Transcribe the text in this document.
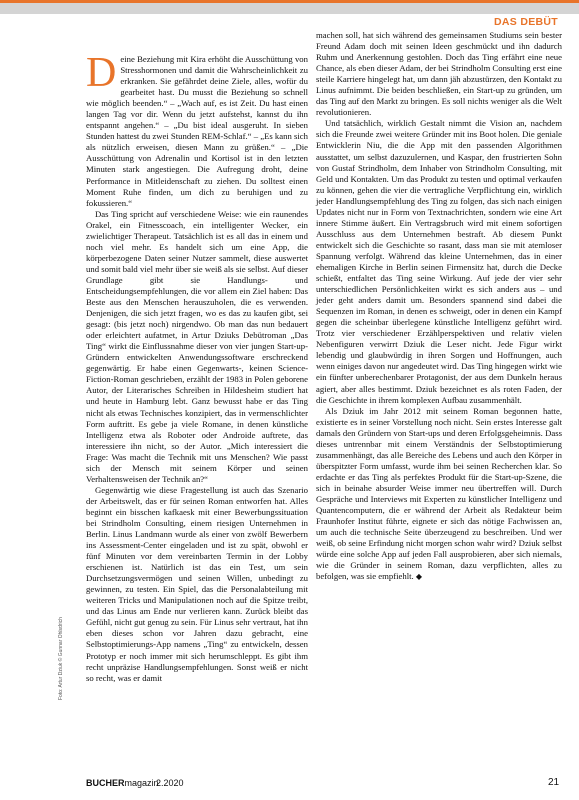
DAS DEBÜT

Deine Beziehung mit Kira erhöht die Ausschüttung von Stresshormonen und damit die Wahrscheinlichkeit zu erkranken. Sie gefährdet deine Ziele, alles, wofür du gearbeitet hast. Du musst die Beziehung so schnell wie möglich beenden.“ – „Wach auf, es ist Zeit. Du hast einen langen Tag vor dir. Wenn du jetzt aufstehst, kannst du ihn entspannt angehen.“ – „Du bist ideal ausgeruht. In sieben Stunden hattest du zwei Stunden REM-Schlaf.“ – „Es kann sich als nützlich erweisen, diesen Mann zu grüßen.“ – „Die Ausschüttung von Adrenalin und Kortisol ist in den letzten Minuten stark angestiegen. Die Aufregung droht, deine Performance in Mitleidenschaft zu ziehen. Du solltest einen Moment Ruhe finden, um dich zu beruhigen und zu fokussieren.“

Das Ting spricht auf verschiedene Weise: wie ein raunendes Orakel, ein Fitnesscoach, ein intelligenter Wecker, ein zwielichtiger Therapeut. Tatsächlich ist es all das in einem und noch viel mehr. Es handelt sich um eine App, die körperbezogene Daten seiner Nutzer sammelt, diese auswertet und somit bald viel mehr über sie weiß als sie selbst. Auf dieser Grundlage gibt sie Handlungs- und Entscheidungsempfehlungen, die vor allem ein Ziel haben: Das Beste aus den Menschen herauszuholen, die es verwenden. Denjenigen, die sich jetzt fragen, wo es das zu kaufen gibt, sei gesagt: (bis jetzt noch) nirgendwo. Ob man das nun bedauert oder erleichtert aufatmet, in Artur Dziuks Debütroman „Das Ting“ wirkt die Einflussnahme dieser von vier jungen Start-up-Gründern entwickelten Anwendungssoftware erschreckend gegenwärtig. Er habe einen Gegenwarts-, keinen Science-Fiction-Roman geschrieben, erzählt der 1983 in Polen geborene Autor, der Literarisches Schreiben in Hildesheim studiert hat und heute in Hamburg lebt. Ganz bewusst habe er das Ting nicht als etwas Technisches konzipiert, das in vermenschlichter Form auftritt. Es gebe ja viele Romane, in denen künstliche Intelligenz etwa als Roboter oder Androide auftrete, das interessiere ihn nicht, so der Autor. „Mich interessiert die Frage: Was macht die Technik mit uns Menschen? Wie passt sich der Mensch mit seinem Körper und seinen Verhaltensweisen der Technik an?“

Gegenwärtig wie diese Fragestellung ist auch das Szenario der Arbeitswelt, das er für seinen Roman entworfen hat. Alles beginnt ein bisschen kafkaesk mit einer Bewerbungssituation bei Strindholm Consulting, einem riesigen Unternehmen in Berlin. Linus Landmann wurde als einer von zwölf Bewerbern ins Assessment-Center eingeladen und ist zu spät, obwohl er fünf Minuten vor dem vereinbarten Termin in der Lobby erschienen ist. Natürlich ist das ein Test, um sein Durchsetzungsvermögen und seinen Willen, unbedingt zu gewinnen, zu testen. Ein Spiel, das die Personalabteilung mit weiteren Tricks und Manipulationen noch auf die Spitze treibt, und das Linus am Ende nur verlieren kann. Zurück bleibt das Gefühl, nicht gut genug zu sein. Für Linus sehr vertraut, hat ihn eben dieses schon vor Jahren dazu gebracht, eine Selbstoptimierungs-App namens „Ting“ zu entwickeln, dessen Prototyp er noch immer mit sich herumschleppt. Es gibt ihm recht unpräzise Handlungsempfehlungen. Sonst weiß er nicht so recht, was er damit

machen soll, hat sich während des gemeinsamen Studiums sein bester Freund Adam doch mit seinen Ideen geschmückt und ihn dadurch Ruhm und Anerkennung gestohlen. Doch das Ting erfährt eine neue Chance, als eben dieser Adam, der bei Strindholm Consulting erst eine steile Karriere hingelegt hat, um dann jäh abzustürzen, den Kontakt zu Linus aufnimmt. Die beiden beschließen, ein Start-up zu gründen, um das Ting auf den Markt zu bringen. Es soll nichts weniger als die Welt revolutionieren.

Und tatsächlich, wirklich Gestalt nimmt die Vision an, nachdem sich die Freunde zwei weitere Gründer mit ins Boot holen. Die geniale Entwicklerin Niu, die die App mit den passenden Algorithmen ausstattet, um selbst dazuzulernen, und Kaspar, den frustrierten Sohn von Gustaf Strindholm, dem Inhaber von Strindholm Consulting, mit Geld und Kontakten. Um das Produkt zu testen und optimal verkaufen zu können, gehen die vier die vertragliche Verpflichtung ein, wirklich jeder Handlungsempfehlung des Ting zu folgen, das sich nach einigen Updates nicht nur in Form von Textnachrichten, sondern wie eine Art innere Stimme äußert. Ein Vertragsbruch wird mit einem sofortigen Ausschluss aus dem Unternehmen bestraft. Ab diesem Punkt entwickelt sich die Geschichte so rasant, dass man sie mit atemloser Spannung verfolgt. Während das kleine Unternehmen, das in einer ehemaligen Kirche in Berlin seinen Firmensitz hat, durch die Decke schießt, entfaltet das Ting seine Wirkung. Auf jede der vier sehr unterschiedlichen Persönlichkeiten wirkt es sich anders aus – und jeder geht anders damit um. Besonders spannend sind dabei die Sequenzen im Roman, in denen es schweigt, oder in denen ein Kampf gegen die scheinbar überlegene künstliche Intelligenz geführt wird. Trotz vier verschiedener Erzählperspektiven und relativ vielen Nebenfiguren verwirrt Dziuk die Leser nicht. Jede Figur wirkt lebendig und glaubwürdig in ihren Sorgen und Hoffnungen, auch wenn einiges davon nur angedeutet wird. Das Ting hingegen wirkt wie ein fünfter unberechenbarer Protagonist, der aus dem Dunkeln heraus agiert, aber alles bestimmt. Dziuk bezeichnet es als roten Faden, der die Geschichte in ihrem komplexen Aufbau zusammenhält.

Als Dziuk im Jahr 2012 mit seinem Roman begonnen hatte, existierte es in seiner Vorstellung noch nicht. Sein erstes Interesse galt damals den Gründern von Start-ups und deren Erfolgsgeheimnis. Dass dieses untrennbar mit einem Verständnis der Selbstoptimierung zusammenhängt, das alle Bereiche des Lebens und auch den Körper in überspitzter Form umfasst, wurde ihm bei seinen Recherchen klar. So erdachte er das Ting als perfektes Produkt für die Start-up-Szene, die sich in beinahe absurder Weise immer neu übertreffen will. Durch Gespräche und Interviews mit Experten zu künstlicher Intelligenz und Quantencomputern, die er während der Arbeit als Redakteur beim Fraunhofer Institut führte, eignete er sich das nötige Fachwissen an, um auch die technische Seite überzeugend zu beschreiben. Und wer weiß, ob seine Erfindung nicht morgen schon wahr wird? Dziuk selbst würde eine solche App auf jeden Fall ausprobieren, aber sich niemals, wie die Gründer in seinem Roman, dazu verpflichten, alles zu befolgen, was sie empfiehlt. ◆

Foto: Artur Dziuk © Gunnar Ohlsdrich
BUCHERmagazin
2.2020	21
